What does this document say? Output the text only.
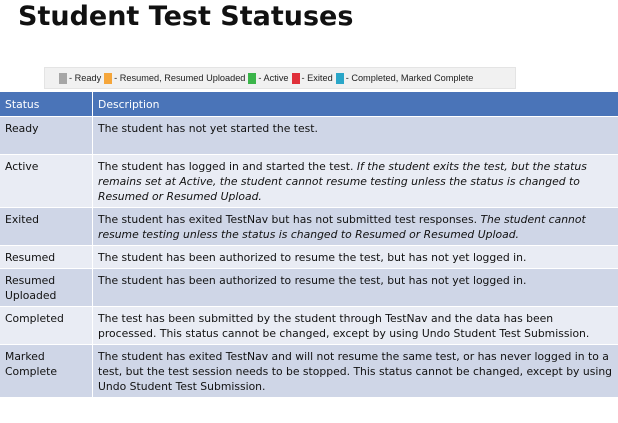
Student Test Statuses
- Ready - Resumed, Resumed Uploaded - Active - Exited - Completed, Marked Complete
Status	Description
Ready	The student has not yet started the test.
Active	The student has logged in and started the test. If the student exits the test, but the status remains set at Active, the student cannot resume testing unless the status is changed to Resumed or Resumed Upload.
Exited	The student has exited TestNav but has not submitted test responses. The student cannot resume testing unless the status is changed to Resumed or Resumed Upload.
Resumed	The student has been authorized to resume the test, but has not yet logged in.
Resumed Uploaded	The student has been authorized to resume the test, but has not yet logged in.
Completed	The test has been submitted by the student through TestNav and the data has been processed. This status cannot be changed, except by using Undo Student Test Submission.
Marked Complete	The student has exited TestNav and will not resume the same test, or has never logged in to a test, but the test session needs to be stopped. This status cannot be changed, except by using Undo Student Test Submission.
